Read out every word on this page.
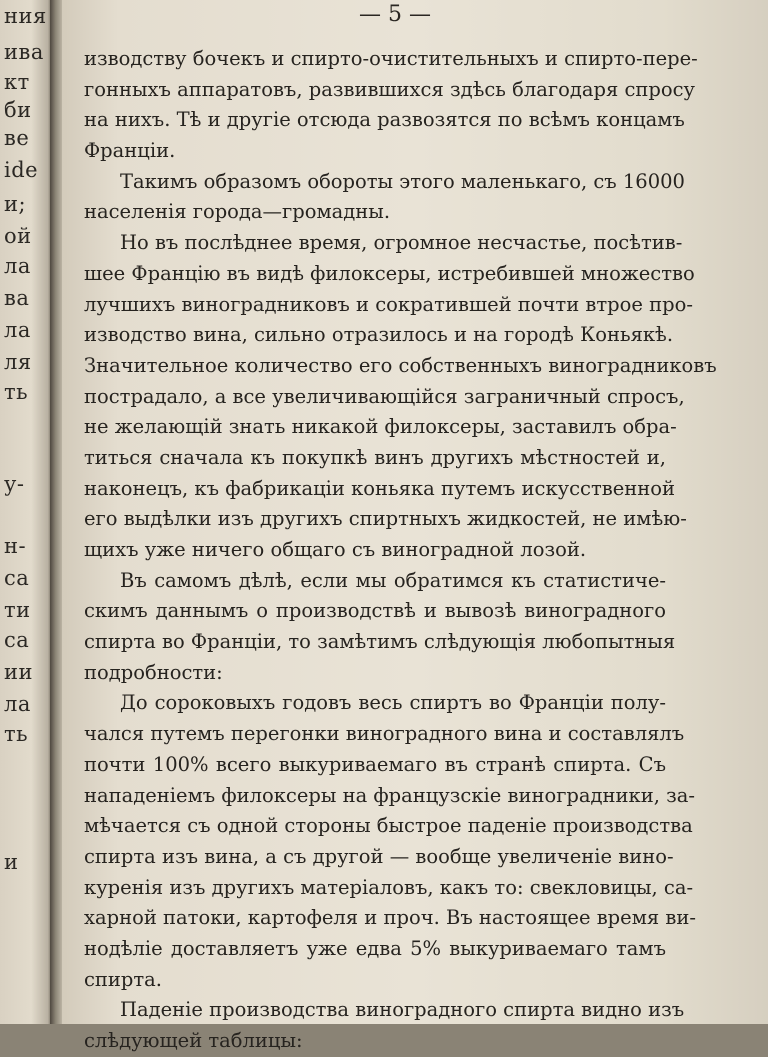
ния
ива
кт
би
ве
ide
и;
ой
ла
ва
ла
ля
ть
у-
н-
са
ти
са
ии
ла
ть
и
— 5 —
изводству бочекъ и спирто-очистительныхъ и спирто-пере-
гонныхъ аппаратовъ, развившихся здѣсь благодаря спросу
на нихъ. Тѣ и другіе отсюда развозятся по всѣмъ концамъ
Франціи.
Такимъ образомъ обороты этого маленькаго, съ 16000
населенія города—громадны.
Но въ послѣднее время, огромное несчастье, посѣтив-
шее Францію въ видѣ филоксеры, истребившей множество
лучшихъ виноградниковъ и сократившей почти втрое про-
изводство вина, сильно отразилось и на городѣ Коньякѣ.
Значительное количество его собственныхъ виноградниковъ
пострадало, а все увеличивающійся заграничный спросъ,
не желающій знать никакой филоксеры, заставилъ обра-
титься сначала къ покупкѣ винъ другихъ мѣстностей и,
наконецъ, къ фабрикаціи коньяка путемъ искусственной
его выдѣлки изъ другихъ спиртныхъ жидкостей, не имѣю-
щихъ уже ничего общаго съ виноградной лозой.
Въ самомъ дѣлѣ, если мы обратимся къ статистиче-
скимъ даннымъ о производствѣ и вывозѣ виноградного
спирта во Франціи, то замѣтимъ слѣдующія любопытныя
подробности:
До сороковыхъ годовъ весь спиртъ во Франціи полу-
чался путемъ перегонки виноградного вина и составлялъ
почти 100% всего выкуриваемаго въ странѣ спирта. Съ
нападеніемъ филоксеры на французскіе виноградники, за-
мѣчается съ одной стороны быстрое паденіе производства
спирта изъ вина, а съ другой — вообще увеличеніе вино-
куренія изъ другихъ матеріаловъ, какъ то: свекловицы, са-
харной патоки, картофеля и проч. Въ настоящее время ви-
нодѣліе доставляетъ уже едва 5% выкуриваемаго тамъ
спирта.
Паденіе производства виноградного спирта видно изъ
слѣдующей таблицы:
